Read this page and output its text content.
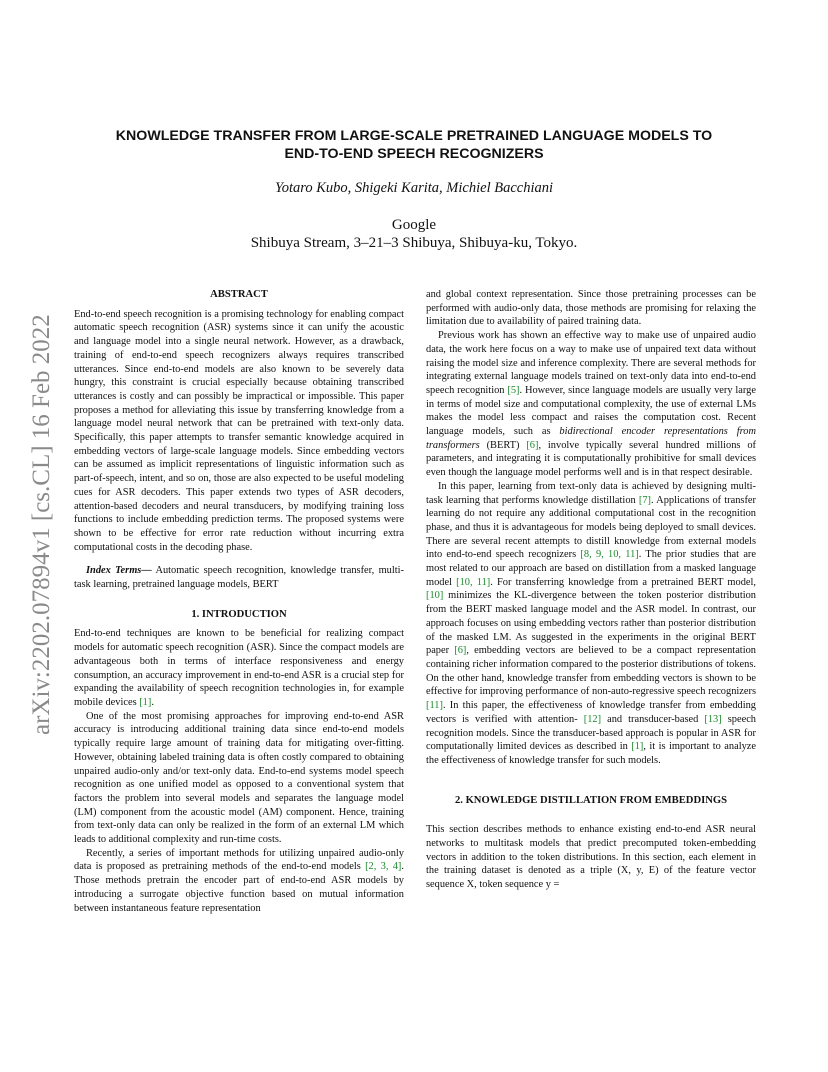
arXiv:2202.07894v1 [cs.CL] 16 Feb 2022
KNOWLEDGE TRANSFER FROM LARGE-SCALE PRETRAINED LANGUAGE MODELS TO
END-TO-END SPEECH RECOGNIZERS
Yotaro Kubo, Shigeki Karita, Michiel Bacchiani
Google
Shibuya Stream, 3–21–3 Shibuya, Shibuya-ku, Tokyo.
ABSTRACT

End-to-end speech recognition is a promising technology for enabling compact automatic speech recognition (ASR) systems since it can unify the acoustic and language model into a single neural network. However, as a drawback, training of end-to-end speech recognizers always requires transcribed utterances. Since end-to-end models are also known to be severely data hungry, this constraint is crucial especially because obtaining transcribed utterances is costly and can possibly be impractical or impossible. This paper proposes a method for alleviating this issue by transferring knowledge from a language model neural network that can be pretrained with text-only data. Specifically, this paper attempts to transfer semantic knowledge acquired in embedding vectors of large-scale language models. Since embedding vectors can be assumed as implicit representations of linguistic information such as part-of-speech, intent, and so on, those are also expected to be useful modeling cues for ASR decoders. This paper extends two types of ASR decoders, attention-based decoders and neural transducers, by modifying training loss functions to include embedding prediction terms. The proposed systems were shown to be effective for error rate reduction without incurring extra computational costs in the decoding phase.

Index Terms— Automatic speech recognition, knowledge transfer, multi-task learning, pretrained language models, BERT

1. INTRODUCTION

End-to-end techniques are known to be beneficial for realizing compact models for automatic speech recognition (ASR). Since the compact models are advantageous both in terms of interface responsiveness and energy consumption, an accuracy improvement in end-to-end ASR is a crucial step for expanding the availability of speech recognition technologies in, for example mobile devices [1].

One of the most promising approaches for improving end-to-end ASR accuracy is introducing additional training data since end-to-end models typically require large amount of training data for mitigating over-fitting. However, obtaining labeled training data is often costly compared to obtaining unpaired audio-only and/or text-only data. End-to-end systems model speech recognition as one unified model as opposed to a conventional system that factors the problem into several models and separates the language model (LM) component from the acoustic model (AM) component. Hence, training from text-only data can only be realized in the form of an external LM which leads to additional complexity and run-time costs.

Recently, a series of important methods for utilizing unpaired audio-only data is proposed as pretraining methods of the end-to-end models [2, 3, 4]. Those methods pretrain the encoder part of end-to-end ASR models by introducing a surrogate objective function based on mutual information between instantaneous feature representation

and global context representation. Since those pretraining processes can be performed with audio-only data, those methods are promising for relaxing the limitation due to availability of paired training data.

Previous work has shown an effective way to make use of unpaired audio data, the work here focus on a way to make use of unpaired text data without raising the model size and inference complexity. There are several methods for integrating external language models trained on text-only data into end-to-end speech recognition [5]. However, since language models are usually very large in terms of model size and computational complexity, the use of external LMs makes the model less compact and raises the computation cost. Recent language models, such as bidirectional encoder representations from transformers (BERT) [6], involve typically several hundred millions of parameters, and integrating it is computationally prohibitive for small devices even though the language model performs well and is in that respect desirable.

In this paper, learning from text-only data is achieved by designing multi-task learning that performs knowledge distillation [7]. Applications of transfer learning do not require any additional computational cost in the recognition phase, and thus it is advantageous for models being deployed to small devices. There are several recent attempts to distill knowledge from external models into end-to-end speech recognizers [8, 9, 10, 11]. The prior studies that are most related to our approach are based on distillation from a masked language model [10, 11]. For transferring knowledge from a pretrained BERT model, [10] minimizes the KL-divergence between the token posterior distribution from the BERT masked language model and the ASR model. In contrast, our approach focuses on using embedding vectors rather than posterior distribution of the masked LM. As suggested in the experiments in the original BERT paper [6], embedding vectors are believed to be a compact representation containing richer information compared to the posterior distributions of tokens. On the other hand, knowledge transfer from embedding vectors is shown to be effective for improving performance of non-auto-regressive speech recognizers [11]. In this paper, the effectiveness of knowledge transfer from embedding vectors is verified with attention- [12] and transducer-based [13] speech recognition models. Since the transducer-based approach is popular in ASR for computationally limited devices as described in [1], it is important to analyze the effectiveness of knowledge transfer for such models.

2. KNOWLEDGE DISTILLATION FROM EMBEDDINGS

This section describes methods to enhance existing end-to-end ASR neural networks to multitask models that predict precomputed token-embedding vectors in addition to the token distributions. In this section, each element in the training dataset is denoted as a triple (X, y, E) of the feature vector sequence X, token sequence y =
